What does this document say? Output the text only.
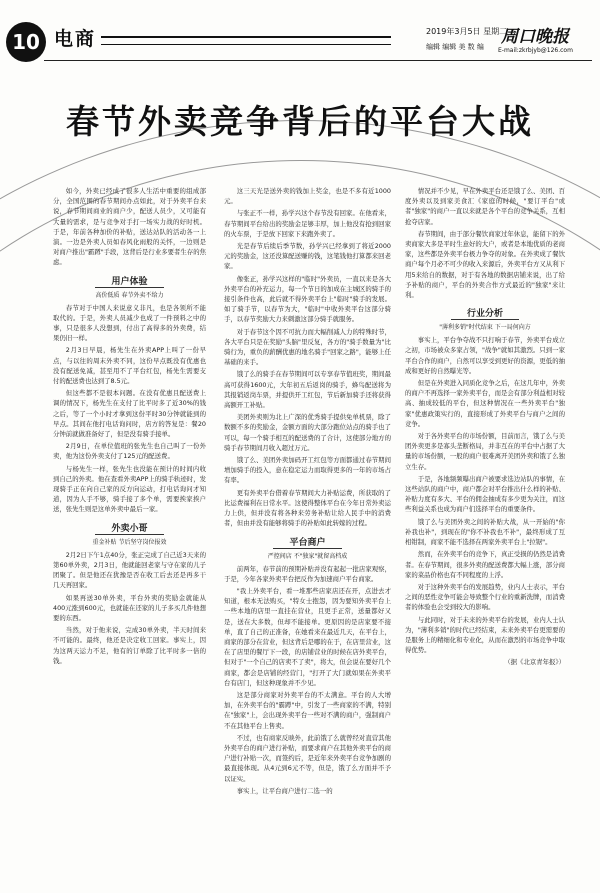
10 电商	2019年3月5日 星期二
编辑 编辑 美 数 编 周口晚报
E-mail:zkrbjyb@126.com
春节外卖竞争背后的平台大战

如今，外卖已经成了很多人生活中重要的组成部分，全国范围的春节期间办点如此，对于外卖平台来说，春节期间商业的商户少，配送人员少，又可能有大量的需求，是与竞争对手打一场实力战的好时机。于是，年前各种加价的补贴，送达站队的活动各一上演。一边是外卖人员如春风化雨般的关怀，一边则是对商户推出"霸蹲"手段，这背后是行业多要者生存的焦虑。

用户体验
高价低质 春节外卖不给力

春节对于中国人来说意义非凡，也是各领所不能取代的。于是，外卖人员减少也成了一件预料之中的事，只是很多人没想到，付出了高得多的外卖费，结果仍旧一样。

2月3日早晨，杨先生在外卖APP上叫了一份早点，与以往的周末外卖不同，这份早点既没有优惠也没有配送免减，甚至用不了平台红包，杨先生需要支付的配送费也达到了8.5元。

但这些都不是很本问题。在没有优惠且配送费上调的情况下，杨先生在支付了比平时多了近30%的钱之后，等了一个小时才拿到这份平时30分钟就能到的早点。其间在他打电话询问时，店方的答复是：餐20分钟前就做准备好了，但是没有骑手接单。

2月9日，在单位值班的张先生也自己叫了一份外卖，他为这份外卖支付了125元的配送费。

与杨先生一样，张先生也没能在预计的时间内收到自己的外卖。他在查看外卖APP上的骑手轨迹时，发现骑手正在向自己家的反方向运动，打电话询问才知道，因为人手不够，骑手接了多个单，需要挨家挨户送，张先生则是这单外卖中最后一家。

外卖小哥
重金补贴 节后坚守岗位报效

2月2日下午1点40分，张正完成了自己近3天来的第60单外卖，2月3日，他就能回老家与守在家的儿子团聚了。但是他还在犹豫是否在收工后去还是再多干几天再回家。

如果再送30单外卖，平台外卖的奖励金就能从400元涨到600元，也就能在还家的儿子多买几件他想要的东西。

当然，对于他来说，完成30单外卖，半天时间来不可能的。最终，他还是决定收工回家。事实上，因为这两天运力不足，他有的订单除了比平时多一倍的钱。

这三天光是送外卖的钱加上奖金，也是不多有近1000元。

与张正不一样，孙学兴这个春节没有回家。在他看来，春节期间平台给出的奖励金足够丰厚，加上他没有抢到回家的火车票，于是放下回家下来跑外卖了。

光是春节后续后季节数，孙学兴已经拿到了将近2000元的奖励金，这还没算配送赚的钱，这笔钱他打算都来回老家。

像张正，孙学兴这样的"临时"外卖员，一直以来是各大外卖平台的补充运力，每一个节日的加成在主城区的骑手的接引条件也高，此后就不得外卖平台上"临时"骑手的发展。如了骑手节，以春节为大，"临时"中收外卖平台这部分骑手，以春节奖励大力来刺激这部分骑手就服务。

对于春节这个因不可抗力而大幅削减人力的特殊时节，各大平台只是在奖励"头脑"里反复，各方的"骑手数量为"比骑行为，重负的薪酬优惠的地名骑手"回家之路"，能够上任基础的来手。

饿了么的骑手在春节期间可以专享春节值班奖，期间最高可获得1600元，大年初五后返岗的骑手，蜂鸟配送将为其报销返岗车票，并提供开工红包，节后新加骑手还将获得高额开工补贴。

美团外卖则为北上广深的优秀骑手提供免单机票，除了数额不多的奖励金，金额方面的大部分跑位站点的骑手也了可以，每一个骑手相互的配送费的了合计，这使部分地方的骑手春节期间月收入超过万元。

饿了么、美团外卖加码开工红包等方面都通过春节期间增加骑手的投入，意在稳定运力而取得更多的一年的市场占有率。

更有外卖平台借着春节期间大力补贴运费，所获取的了比运费福利在日常水平。这使得整体平台在今年日常外卖运力上供，但并没有将各种来劳务补贴让给人民手中的消费者，但由并没有能够将骑手的补贴如此转嫁的过程。

平台商户
严控间店 不"独家"就留高档成

前两年，春节前的预期补贴并没有起起一批店家观察，于是，今年各家外卖平台把反作为加速商户平台商家。

"我上外卖平台，看一堆那些店家店还在开，点进去才知道，根本无法购买，"特女士抱怨，因为要知外卖平台上一些本地的店里一直挂在营业，且更手正常，送量都好又是，送在大多数，但却不能接单。更原因的是店家要不接单，直了自己的正准备，在她看来在最近几天，在平台上，商家的部分在营业，但这背后是哪的在于，在店里营业，这在了店里的餐厅下一段，的店铺营业的时候在店外卖平台，但对于"一个自己的店卖不了卖"，将大，但会说在要好几个商家，都会是店铺的经营门，"打开了大门就如果在外卖平台有店门，但这种现象并不少见。

这是部分商家对外卖平台的不太满意。平台的人大增加，在外卖平台的"霸蹲"中，引发了一些商家的不满，特别在"独家"上，会出现外卖平台一些对不满的商户，强制商户不在其他平台上售卖。

不过，也有商家反映外，此前饿了么就曾经对直营其他外卖平台的商户进行补贴，而要求商户在其他外卖平台的商户进行补贴一次，而签约后，是近年来外卖平台竞争加剧的最直接体现。从4元到6元不等，但是，饿了么方面并不予以证实。

事实上，让平台商户进行二选一的

情况并不少见，早在外卖平台还是饿了么、美团、百度外卖以及到家美食汇《家庭的时候，"要订平台"或者"独家"的商户一直以来就是各个平台的竞争关系，互相抢夺店家。

春节期间，由于部分餐饮商家过年休息，能留下的外卖商家大多是平时生意好的大户，或者是本地优质的老商家，这些都是外卖平台极力争夺的对象。在外卖成了餐饮商户每个月必不可少的收入来源后，外卖平台方又从利下用5来给自的数据，对于有各地的数据店铺来说，出了给予补贴的商户，平台的外卖合作方式最近的"独家"来让利。

行业分析
"薄利多销"时代结束 下一局何向方

事实上，平台争夺战不只打响于春节，外卖平台成立之初，市场被众多家占领，"战争"就如其激烈。只到一家平台合作的商户，自然可以享受到更好的资源，更低的抽成和更好的自然曝光等。

但是在外卖进入同质化竞争之后，在这几年中，外卖的商户不再选择一家外卖平台，而是会有部分利益相对较高、抽成较低的平台，但这种情况在一些外卖平台"独家"优惠政策实行的，直接形成了外卖平台与商户之间的竞争。

对于各外卖平台的市场份额，目前而言，饿了么与美团外卖更多是寡头垄断格局，并非互在的平台中占据了大量的市场份额，一般的商户很难离开美团外卖和饿了么独立生存。

于是，各地频频曝出商户被要求选边站队的事情，在这些站队的商户中，商户都会对平台推出什么样的补贴、补贴力度有多大、平台的佣金抽成有多少更为关注，而这些利益关系也成为商户们选择平台的重要条件。

饿了么与美团外卖之间的补贴大战，从一开始的"你补我也补"，到现在的"你不补我也不补"，最终形成了互相钳制，商家不能不选择在两家外卖平台上"拉锯"。

然而，在外卖平台的竞争下，真正受损的仍然是消费者。在春节期间，很多外卖的配送费都大幅上涨，部分商家的菜品价格也有不同程度的上浮。

对于这种外卖平台的发展趋势，业内人士表示，平台之间的恶性竞争可能会导致整个行业的重新洗牌，而消费者的体验也会受到较大的影响。

与此同时，对于未来的外卖平台的发展，业内人士认为，"薄利多销"的时代已经结束，未来外卖平台更需要的是服务上的精细化和专业化，从而在激烈的市场竞争中取得优势。

（据《北京青年报》）
